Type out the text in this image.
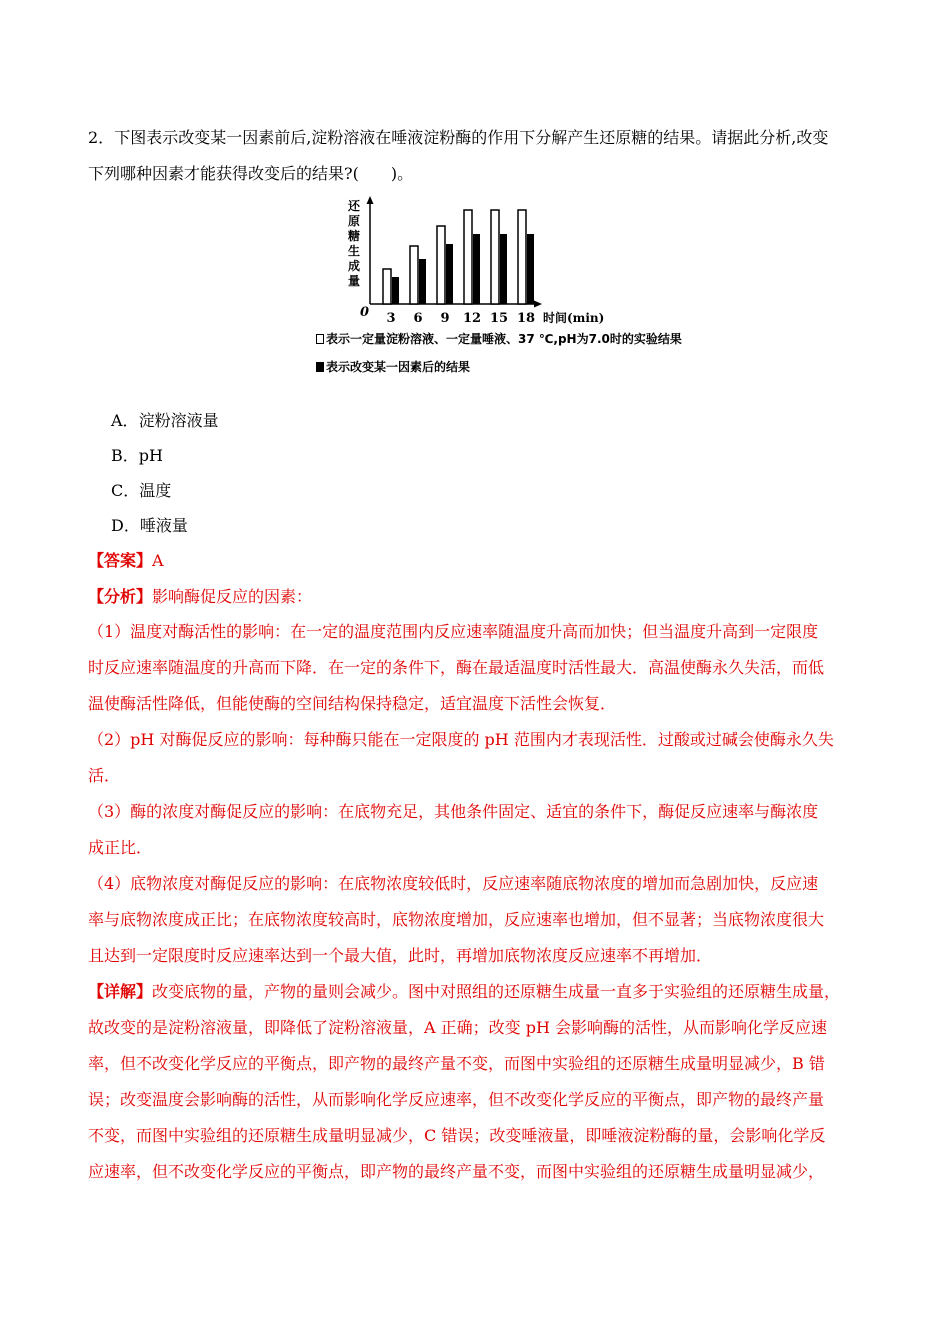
2．下图表示改变某一因素前后,淀粉溶液在唾液淀粉酶的作用下分解产生还原糖的结果。请据此分析,改变
下列哪种因素才能获得改变后的结果?(　　)。
还
原
糖
生
成
量
0 3 6 9 12 15 18 时间(min)
表示一定量淀粉溶液、一定量唾液、37 ℃,pH为7.0时的实验结果
表示改变某一因素后的结果
A．淀粉溶液量
B．pH
C．温度
D．唾液量
【答案】A
【分析】影响酶促反应的因素：
（1）温度对酶活性的影响：在一定的温度范围内反应速率随温度升高而加快；但当温度升高到一定限度
时反应速率随温度的升高而下降．在一定的条件下，酶在最适温度时活性最大．高温使酶永久失活，而低
温使酶活性降低，但能使酶的空间结构保持稳定，适宜温度下活性会恢复．
（2）pH 对酶促反应的影响：每种酶只能在一定限度的 pH 范围内才表现活性．过酸或过碱会使酶永久失
活．
（3）酶的浓度对酶促反应的影响：在底物充足，其他条件固定、适宜的条件下，酶促反应速率与酶浓度
成正比．
（4）底物浓度对酶促反应的影响：在底物浓度较低时，反应速率随底物浓度的增加而急剧加快，反应速
率与底物浓度成正比；在底物浓度较高时，底物浓度增加，反应速率也增加，但不显著；当底物浓度很大
且达到一定限度时反应速率达到一个最大值，此时，再增加底物浓度反应速率不再增加．
【详解】改变底物的量，产物的量则会减少。图中对照组的还原糖生成量一直多于实验组的还原糖生成量，
故改变的是淀粉溶液量，即降低了淀粉溶液量，A 正确；改变 pH 会影响酶的活性，从而影响化学反应速
率，但不改变化学反应的平衡点，即产物的最终产量不变，而图中实验组的还原糖生成量明显减少，B 错
误；改变温度会影响酶的活性，从而影响化学反应速率，但不改变化学反应的平衡点，即产物的最终产量
不变，而图中实验组的还原糖生成量明显减少，C 错误；改变唾液量，即唾液淀粉酶的量，会影响化学反
应速率，但不改变化学反应的平衡点，即产物的最终产量不变，而图中实验组的还原糖生成量明显减少，
